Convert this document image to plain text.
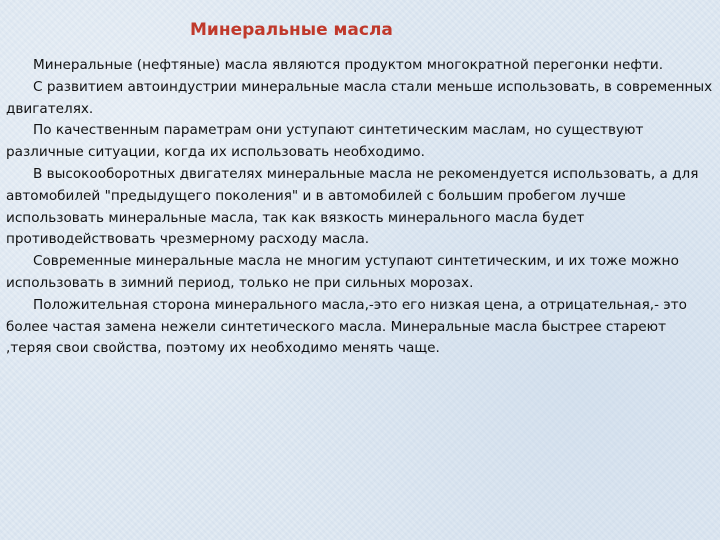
Минеральные масла

Минеральные (нефтяные) масла являются продуктом многократной перегонки нефти.

С развитием автоиндустрии минеральные масла стали меньше использовать, в современных двигателях.

По качественным параметрам они уступают синтетическим маслам, но существуют различные ситуации, когда их использовать необходимо.

В высокооборотных двигателях минеральные масла не рекомендуется использовать, а для автомобилей "предыдущего поколения" и в автомобилей с большим пробегом лучше использовать минеральные масла, так как вязкость минерального масла будет противодействовать чрезмерному расходу масла.

Современные минеральные масла не многим уступают синтетическим, и их тоже можно использовать в зимний период, только не при сильных морозах.

Положительная сторона минерального масла,-это его низкая цена, а отрицательная,- это более частая замена нежели синтетического масла. Минеральные масла быстрее стареют ,теряя свои свойства, поэтому их необходимо менять чаще.
